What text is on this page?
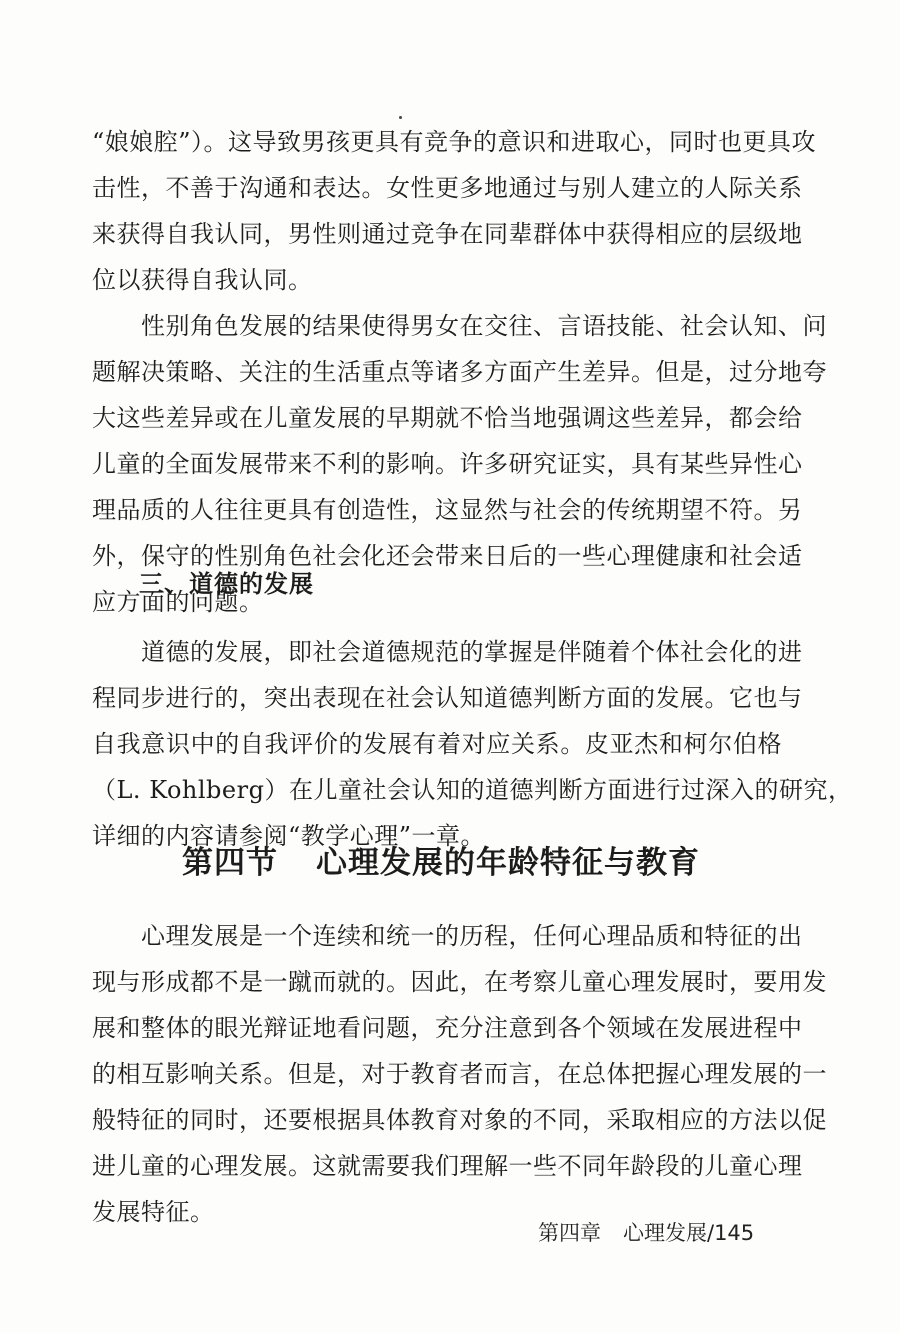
“娘娘腔”）。这导致男孩更具有竞争的意识和进取心，同时也更具攻
击性，不善于沟通和表达。女性更多地通过与别人建立的人际关系
来获得自我认同，男性则通过竞争在同辈群体中获得相应的层级地
位以获得自我认同。
性别角色发展的结果使得男女在交往、言语技能、社会认知、问
题解决策略、关注的生活重点等诸多方面产生差异。但是，过分地夸
大这些差异或在儿童发展的早期就不恰当地强调这些差异，都会给
儿童的全面发展带来不利的影响。许多研究证实，具有某些异性心
理品质的人往往更具有创造性，这显然与社会的传统期望不符。另
外，保守的性别角色社会化还会带来日后的一些心理健康和社会适
应方面的问题。
三、道德的发展
道德的发展，即社会道德规范的掌握是伴随着个体社会化的进
程同步进行的，突出表现在社会认知道德判断方面的发展。它也与
自我意识中的自我评价的发展有着对应关系。皮亚杰和柯尔伯格
（L. Kohlberg）在儿童社会认知的道德判断方面进行过深入的研究，
详细的内容请参阅“教学心理”一章。
第四节 心理发展的年龄特征与教育
心理发展是一个连续和统一的历程，任何心理品质和特征的出
现与形成都不是一蹴而就的。因此，在考察儿童心理发展时，要用发
展和整体的眼光辩证地看问题，充分注意到各个领域在发展进程中
的相互影响关系。但是，对于教育者而言，在总体把握心理发展的一
般特征的同时，还要根据具体教育对象的不同，采取相应的方法以促
进儿童的心理发展。这就需要我们理解一些不同年龄段的儿童心理
发展特征。
第四章 心理发展/145
